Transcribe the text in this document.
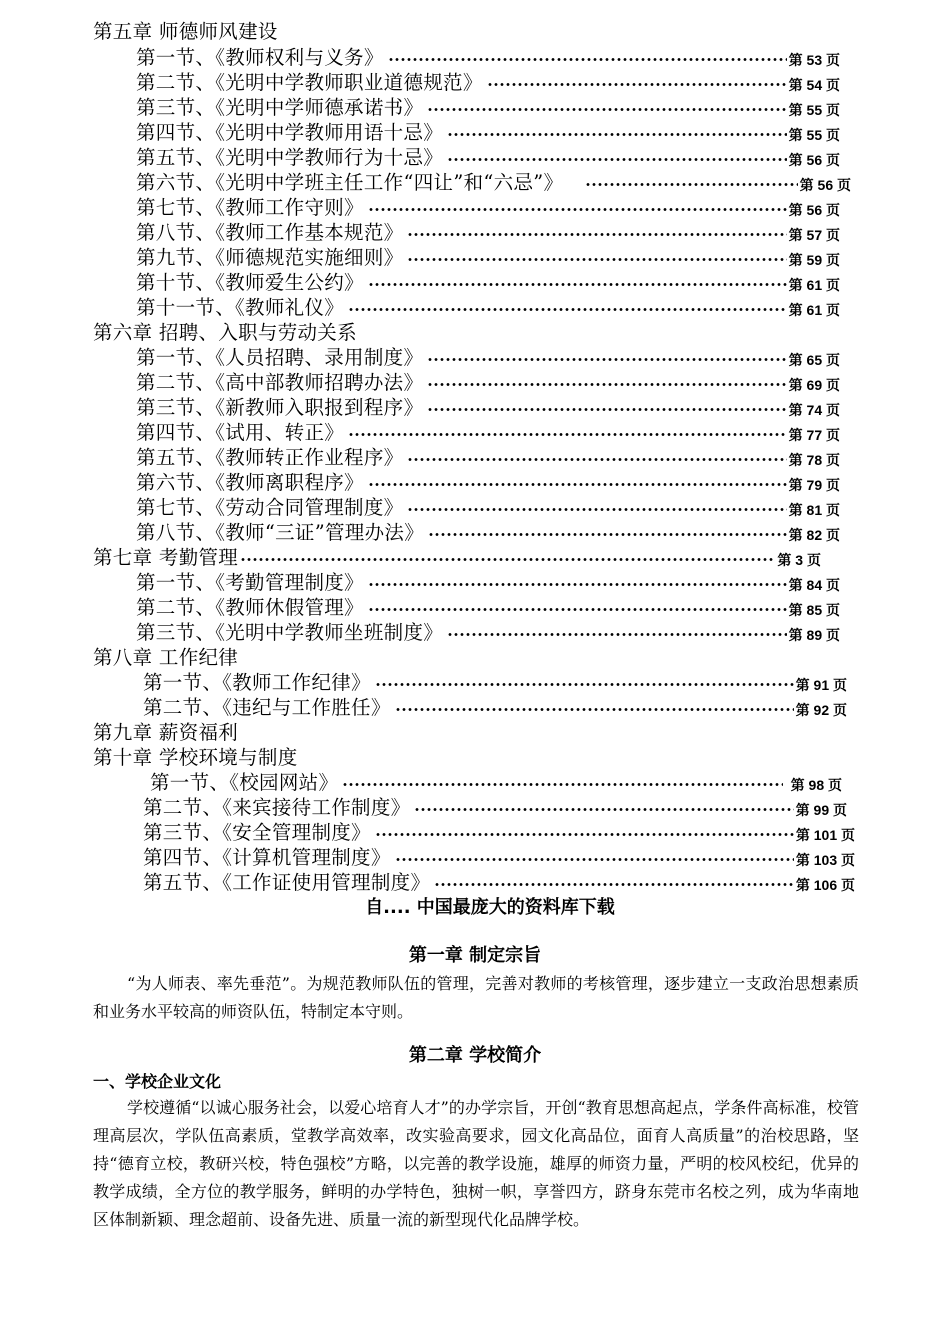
第五章 师德师风建设
第一节、《教师权利与义务》	第 53 页
第二节、《光明中学教师职业道德规范》	第 54 页
第三节、《光明中学师德承诺书》	第 55 页
第四节、《光明中学教师用语十忌》	第 55 页
第五节、《光明中学教师行为十忌》	第 56 页
第六节、《光明中学班主任工作“四让”和“六忌”》	第 56 页
第七节、《教师工作守则》	第 56 页
第八节、《教师工作基本规范》	第 57 页
第九节、《师德规范实施细则》	第 59 页
第十节、《教师爱生公约》	第 61 页
第十一节、《教师礼仪》	第 61 页
第六章 招聘、入职与劳动关系
第一节、《人员招聘、录用制度》	第 65 页
第二节、《高中部教师招聘办法》	第 69 页
第三节、《新教师入职报到程序》	第 74 页
第四节、《试用、转正》	第 77 页
第五节、《教师转正作业程序》	第 78 页
第六节、《教师离职程序》	第 79 页
第七节、《劳动合同管理制度》	第 81 页
第八节、《教师“三证”管理办法》	第 82 页
第七章 考勤管理	第 3 页
第一节、《考勤管理制度》	第 84 页
第二节、《教师休假管理》	第 85 页
第三节、《光明中学教师坐班制度》	第 89 页
第八章 工作纪律
第一节、《教师工作纪律》	第 91 页
第二节、《违纪与工作胜任》	第 92 页
第九章 薪资福利
第十章 学校环境与制度
第一节、《校园网站》	第 98 页
第二节、《来宾接待工作制度》	第 99 页
第三节、《安全管理制度》	第 101 页
第四节、《计算机管理制度》	第 103 页
第五节、《工作证使用管理制度》	第 106 页
自.... 中国最庞大的资料库下载
第一章 制定宗旨
“为人师表、率先垂范”。为规范教师队伍的管理，完善对教师的考核管理，逐步建立一支政治思想素质和业务水平较高的师资队伍，特制定本守则。
第二章 学校简介
一、学校企业文化
学校遵循“以诚心服务社会，以爱心培育人才”的办学宗旨，开创“教育思想高起点，学条件高标准，校管理高层次，学队伍高素质，堂教学高效率，改实验高要求，园文化高品位，面育人高质量”的治校思路，坚持“德育立校，教研兴校，特色强校”方略，以完善的教学设施，雄厚的师资力量，严明的校风校纪，优异的教学成绩，全方位的教学服务，鲜明的办学特色，独树一帜，享誉四方，跻身东莞市名校之列，成为华南地区体制新颖、理念超前、设备先进、质量一流的新型现代化品牌学校。
